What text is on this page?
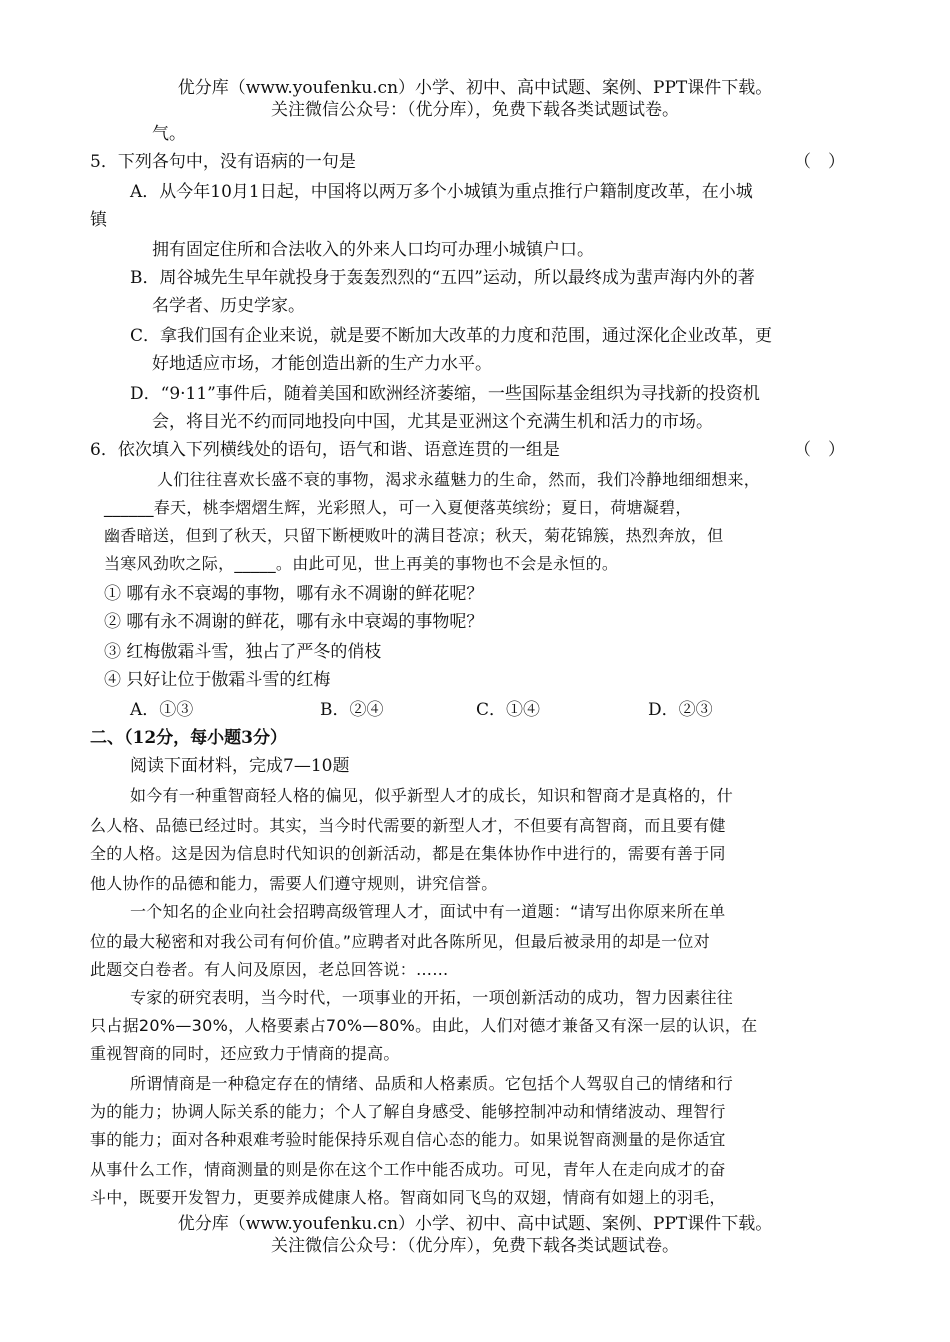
优分库（www.youfenku.cn）小学、初中、高中试题、案例、PPT课件下载。
关注微信公众号：（优分库），免费下载各类试题试卷。
气。
5．下列各句中，没有语病的一句是	（　）
A．从今年10月1日起，中国将以两万多个小城镇为重点推行户籍制度改革，在小城
镇
拥有固定住所和合法收入的外来人口均可办理小城镇户口。
B．周谷城先生早年就投身于轰轰烈烈的“五四”运动，所以最终成为蜚声海内外的著
名学者、历史学家。
C．拿我们国有企业来说，就是要不断加大改革的力度和范围，通过深化企业改革，更
好地适应市场，才能创造出新的生产力水平。
D．“9·11”事件后，随着美国和欧洲经济萎缩，一些国际基金组织为寻找新的投资机
会，将目光不约而同地投向中国，尤其是亚洲这个充满生机和活力的市场。
6．依次填入下列横线处的语句，语气和谐、语意连贯的一组是	（　）
人们往往喜欢长盛不衰的事物，渴求永蕴魅力的生命，然而，我们冷静地细细想来，
______春天，桃李熠熠生辉，光彩照人，可一入夏便落英缤纷；夏日，荷塘凝碧，
幽香暗送，但到了秋天，只留下断梗败叶的满目苍凉；秋天，菊花锦簇，热烈奔放，但
当寒风劲吹之际，_____。由此可见，世上再美的事物也不会是永恒的。
① 哪有永不衰竭的事物，哪有永不凋谢的鲜花呢？
② 哪有永不凋谢的鲜花，哪有永中衰竭的事物呢？
③ 红梅傲霜斗雪，独占了严冬的俏枝
④ 只好让位于傲霜斗雪的红梅
A．①③	B．②④	C．①④	D．②③
二、（12分，每小题3分）
阅读下面材料，完成7—10题
如今有一种重智商轻人格的偏见，似乎新型人才的成长，知识和智商才是真格的，什
么人格、品德已经过时。其实，当今时代需要的新型人才，不但要有高智商，而且要有健
全的人格。这是因为信息时代知识的创新活动，都是在集体协作中进行的，需要有善于同
他人协作的品德和能力，需要人们遵守规则，讲究信誉。
一个知名的企业向社会招聘高级管理人才，面试中有一道题：“请写出你原来所在单
位的最大秘密和对我公司有何价值。”应聘者对此各陈所见，但最后被录用的却是一位对
此题交白卷者。有人问及原因，老总回答说：……
专家的研究表明，当今时代，一项事业的开拓，一项创新活动的成功，智力因素往往
只占据20%—30%，人格要素占70%—80%。由此，人们对德才兼备又有深一层的认识，在
重视智商的同时，还应致力于情商的提高。
所谓情商是一种稳定存在的情绪、品质和人格素质。它包括个人驾驭自己的情绪和行
为的能力；协调人际关系的能力；个人了解自身感受、能够控制冲动和情绪波动、理智行
事的能力；面对各种艰难考验时能保持乐观自信心态的能力。如果说智商测量的是你适宜
从事什么工作，情商测量的则是你在这个工作中能否成功。可见，青年人在走向成才的奋
斗中，既要开发智力，更要养成健康人格。智商如同飞鸟的双翅，情商有如翅上的羽毛，
优分库（www.youfenku.cn）小学、初中、高中试题、案例、PPT课件下载。
关注微信公众号：（优分库），免费下载各类试题试卷。
